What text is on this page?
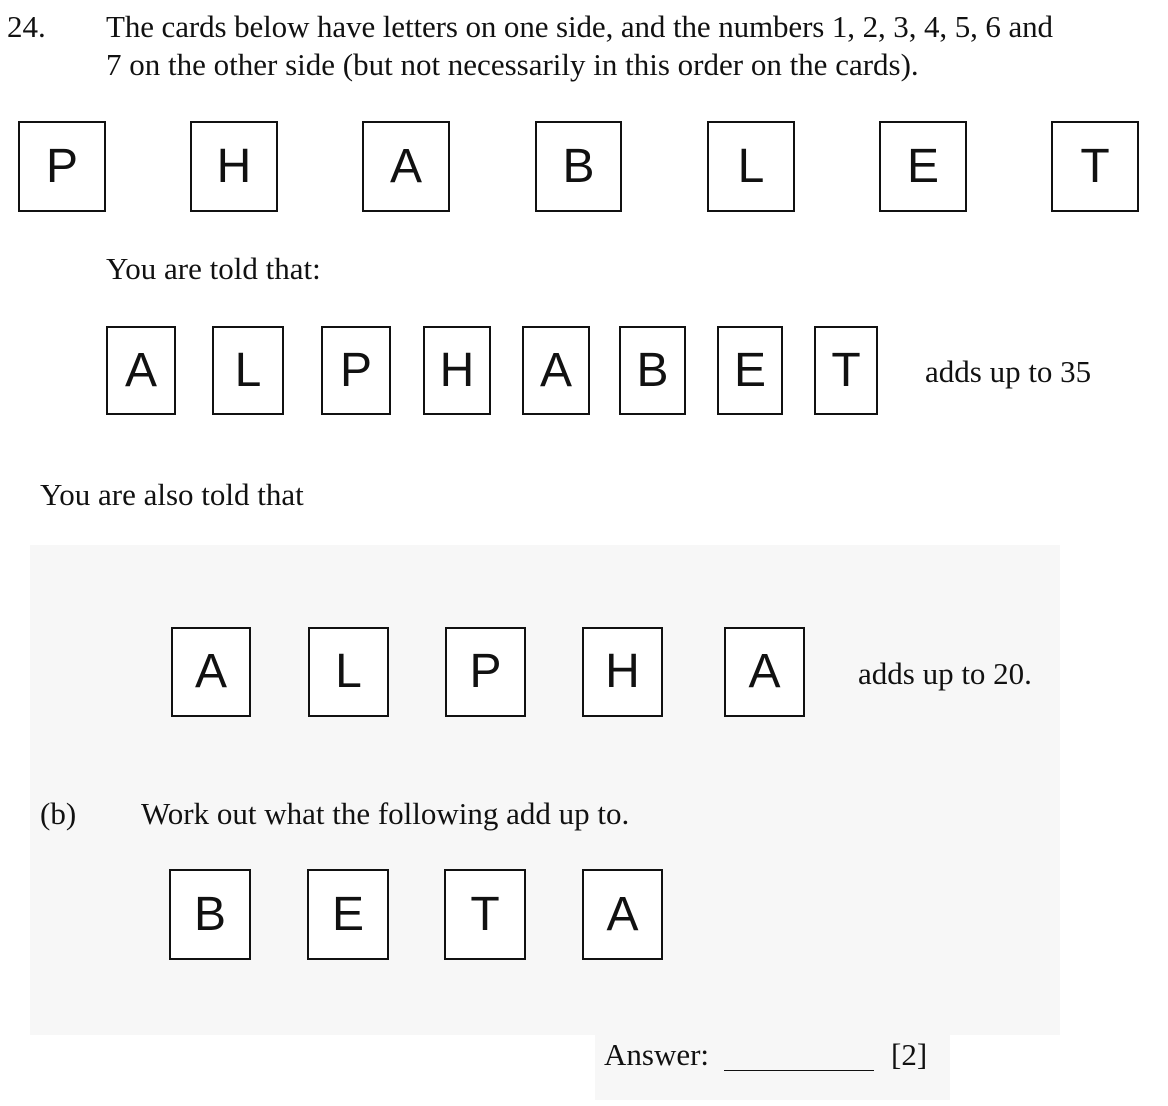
24. The cards below have letters on one side, and the numbers 1, 2, 3, 4, 5, 6 and
7 on the other side (but not necessarily in this order on the cards).
P	H	A	B	L	E	T
You are told that:
A	L	P	H	A	B	E	T	adds up to 35
You are also told that
A	L	P	H	A	adds up to 20.
(b) Work out what the following add up to.
B	E	T	A
Answer:	[2]
